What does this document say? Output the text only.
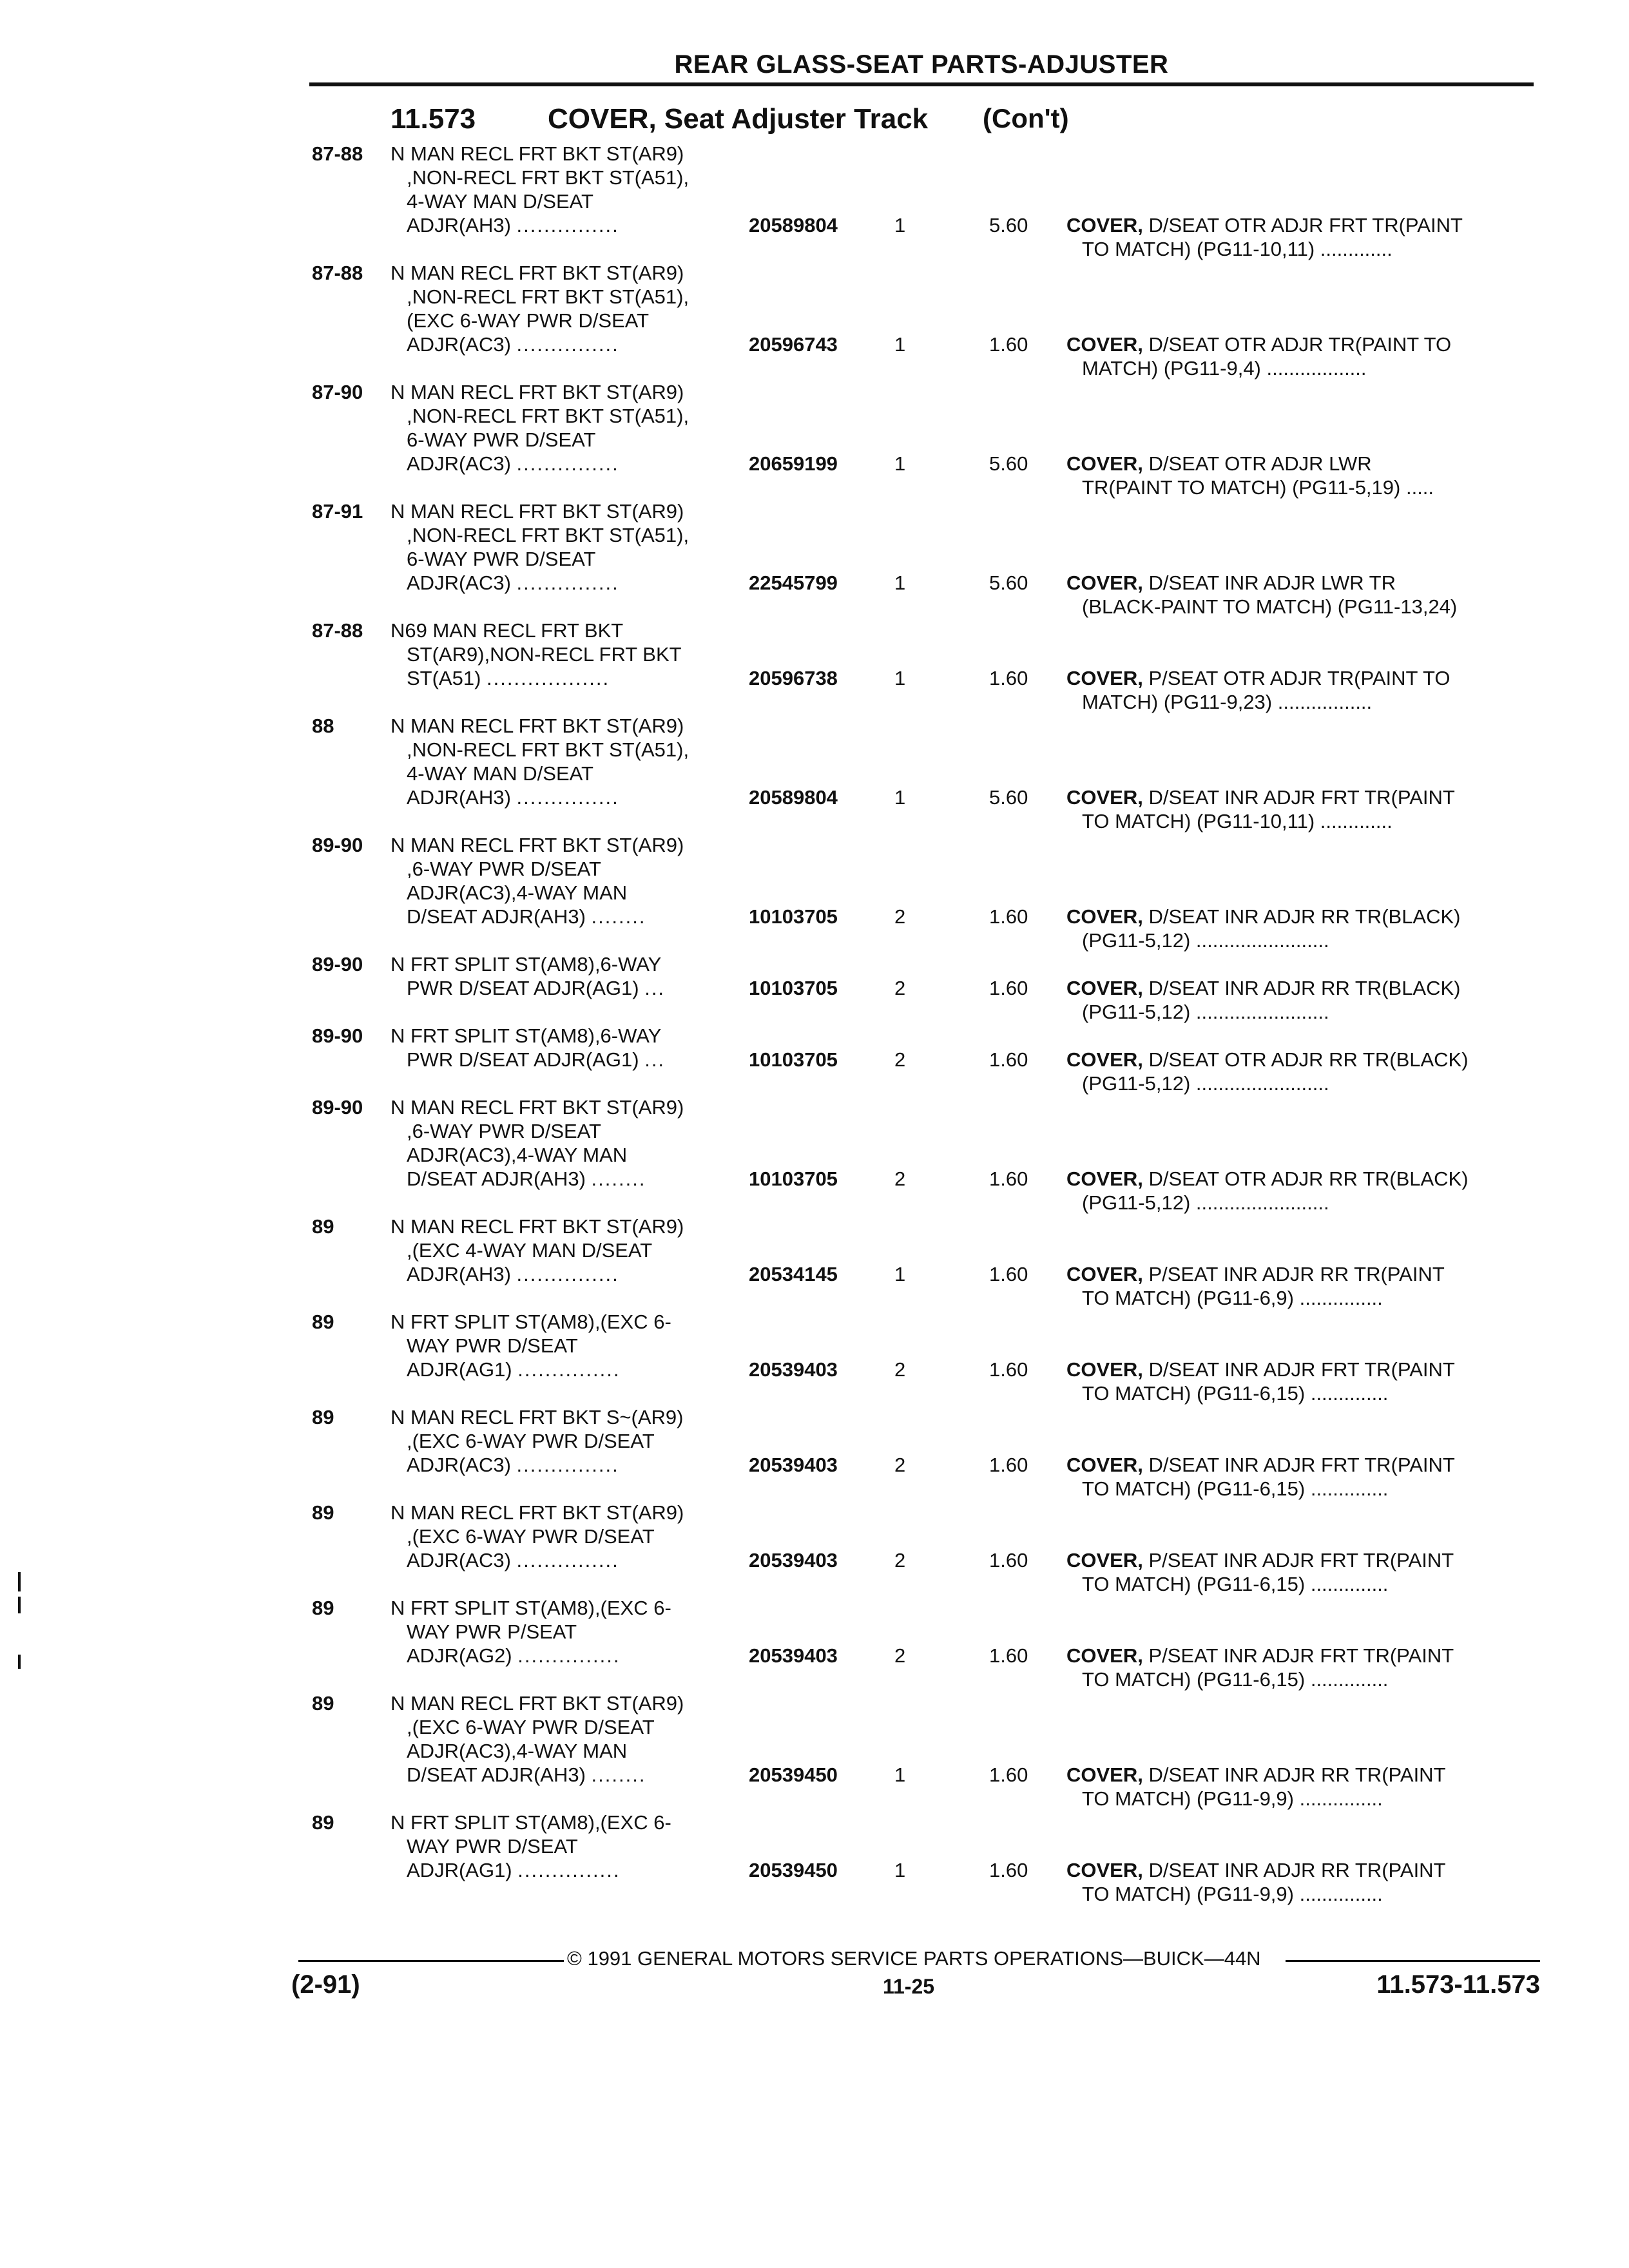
REAR GLASS-SEAT PARTS-ADJUSTER
11.573	COVER, Seat Adjuster Track (Con't)
87-88 N MAN RECL FRT BKT ST(AR9)
,NON-RECL FRT BKT ST(A51),
4-WAY MAN D/SEAT
ADJR(AH3) ...............	20589804	1	5.60 COVER, D/SEAT OTR ADJR FRT TR(PAINT
TO MATCH) (PG11-10,11) .............
87-88 N MAN RECL FRT BKT ST(AR9)
,NON-RECL FRT BKT ST(A51),
(EXC 6-WAY PWR D/SEAT
ADJR(AC3) ...............	20596743	1	1.60 COVER, D/SEAT OTR ADJR TR(PAINT TO
MATCH) (PG11-9,4) ..................
87-90 N MAN RECL FRT BKT ST(AR9)
,NON-RECL FRT BKT ST(A51),
6-WAY PWR D/SEAT
ADJR(AC3) ...............	20659199	1	5.60 COVER, D/SEAT OTR ADJR LWR
TR(PAINT TO MATCH) (PG11-5,19) .....
87-91 N MAN RECL FRT BKT ST(AR9)
,NON-RECL FRT BKT ST(A51),
6-WAY PWR D/SEAT
ADJR(AC3) ...............	22545799	1	5.60 COVER, D/SEAT INR ADJR LWR TR
(BLACK-PAINT TO MATCH) (PG11-13,24)
87-88 N69 MAN RECL FRT BKT
ST(AR9),NON-RECL FRT BKT
ST(A51) ..................	20596738	1	1.60 COVER, P/SEAT OTR ADJR TR(PAINT TO
MATCH) (PG11-9,23) .................
88	N MAN RECL FRT BKT ST(AR9)
,NON-RECL FRT BKT ST(A51),
4-WAY MAN D/SEAT
ADJR(AH3) ...............	20589804	1	5.60 COVER, D/SEAT INR ADJR FRT TR(PAINT
TO MATCH) (PG11-10,11) .............
89-90 N MAN RECL FRT BKT ST(AR9)
,6-WAY PWR D/SEAT
ADJR(AC3),4-WAY MAN
D/SEAT ADJR(AH3) ........	10103705	2	1.60 COVER, D/SEAT INR ADJR RR TR(BLACK)
(PG11-5,12) ........................
89-90 N FRT SPLIT ST(AM8),6-WAY
PWR D/SEAT ADJR(AG1) ...	10103705	2	1.60 COVER, D/SEAT INR ADJR RR TR(BLACK)
(PG11-5,12) ........................
89-90 N FRT SPLIT ST(AM8),6-WAY
PWR D/SEAT ADJR(AG1) ...	10103705	2	1.60 COVER, D/SEAT OTR ADJR RR TR(BLACK)
(PG11-5,12) ........................
89-90 N MAN RECL FRT BKT ST(AR9)
,6-WAY PWR D/SEAT
ADJR(AC3),4-WAY MAN
D/SEAT ADJR(AH3) ........	10103705	2	1.60 COVER, D/SEAT OTR ADJR RR TR(BLACK)
(PG11-5,12) ........................
89	N MAN RECL FRT BKT ST(AR9)
,(EXC 4-WAY MAN D/SEAT
ADJR(AH3) ...............	20534145	1	1.60 COVER, P/SEAT INR ADJR RR TR(PAINT
TO MATCH) (PG11-6,9) ...............
89	N FRT SPLIT ST(AM8),(EXC 6-
WAY PWR D/SEAT
ADJR(AG1) ...............	20539403	2	1.60 COVER, D/SEAT INR ADJR FRT TR(PAINT
TO MATCH) (PG11-6,15) ..............
89	N MAN RECL FRT BKT S~(AR9)
,(EXC 6-WAY PWR D/SEAT
ADJR(AC3) ...............	20539403	2	1.60 COVER, D/SEAT INR ADJR FRT TR(PAINT
TO MATCH) (PG11-6,15) ..............
89	N MAN RECL FRT BKT ST(AR9)
,(EXC 6-WAY PWR D/SEAT
ADJR(AC3) ...............	20539403	2	1.60 COVER, P/SEAT INR ADJR FRT TR(PAINT
TO MATCH) (PG11-6,15) ..............
89	N FRT SPLIT ST(AM8),(EXC 6-
WAY PWR P/SEAT
ADJR(AG2) ...............	20539403	2	1.60 COVER, P/SEAT INR ADJR FRT TR(PAINT
TO MATCH) (PG11-6,15) ..............
89	N MAN RECL FRT BKT ST(AR9)
,(EXC 6-WAY PWR D/SEAT
ADJR(AC3),4-WAY MAN
D/SEAT ADJR(AH3) ........	20539450	1	1.60 COVER, D/SEAT INR ADJR RR TR(PAINT
TO MATCH) (PG11-9,9) ...............
89	N FRT SPLIT ST(AM8),(EXC 6-
WAY PWR D/SEAT
ADJR(AG1) ...............	20539450	1	1.60 COVER, D/SEAT INR ADJR RR TR(PAINT
TO MATCH) (PG11-9,9) ...............
© 1991 GENERAL MOTORS SERVICE PARTS OPERATIONS—BUICK—44N
(2-91)	11-25	11.573-11.573
